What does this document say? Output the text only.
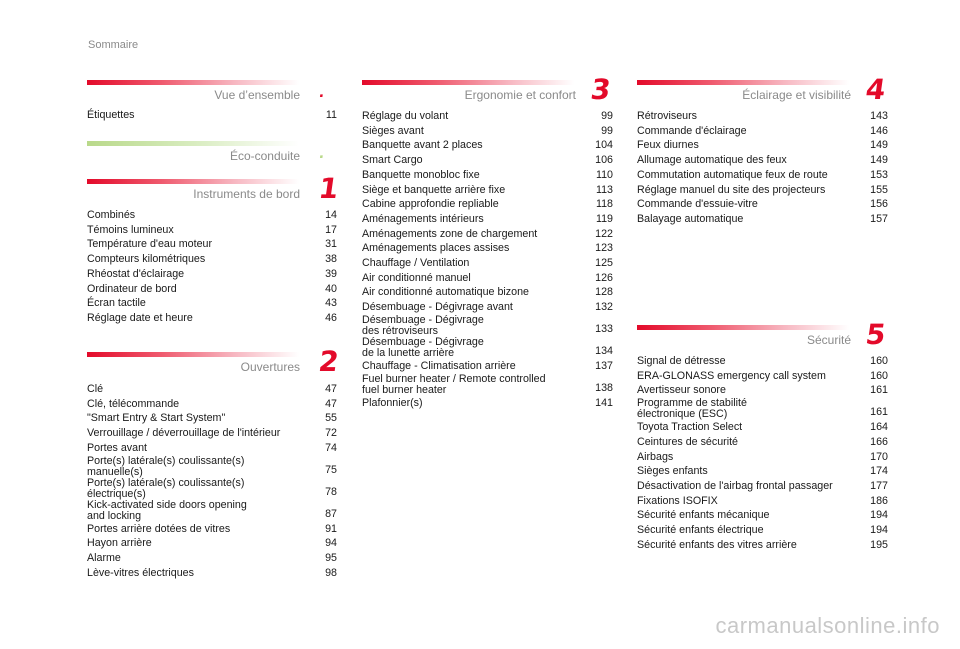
Sommaire
Vue d’ensemble .
Étiquettes	11
Éco-conduite .
Instruments de bord 1
Combinés	14
Témoins lumineux	17
Température d'eau moteur	31
Compteurs kilométriques	38
Rhéostat d'éclairage	39
Ordinateur de bord	40
Écran tactile	43
Réglage date et heure	46
Ouvertures 2
Clé	47
Clé, télécommande	47
"Smart Entry & Start System"	55
Verrouillage / déverrouillage de l'intérieur	72
Portes avant	74
Porte(s) latérale(s) coulissante(s)
manuelle(s)	75
Porte(s) latérale(s) coulissante(s)
électrique(s)	78
Kick-activated side doors opening
and locking	87
Portes arrière dotées de vitres	91
Hayon arrière	94
Alarme	95
Lève-vitres électriques	98
Ergonomie et confort 3
Réglage du volant	99
Sièges avant	99
Banquette avant 2 places	104
Smart Cargo	106
Banquette monobloc fixe	110
Siège et banquette arrière fixe	113
Cabine approfondie repliable	118
Aménagements intérieurs	119
Aménagements zone de chargement	122
Aménagements places assises	123
Chauffage / Ventilation	125
Air conditionné manuel	126
Air conditionné automatique bizone	128
Désembuage - Dégivrage avant	132
Désembuage - Dégivrage
des rétroviseurs	133
Désembuage - Dégivrage
de la lunette arrière	134
Chauffage - Climatisation arrière	137
Fuel burner heater / Remote controlled
fuel burner heater	138
Plafonnier(s)	141
Éclairage et visibilité 4
Rétroviseurs	143
Commande d'éclairage	146
Feux diurnes	149
Allumage automatique des feux	149
Commutation automatique feux de route	153
Réglage manuel du site des projecteurs	155
Commande d'essuie-vitre	156
Balayage automatique	157
Sécurité 5
Signal de détresse	160
ERA-GLONASS emergency call system	160
Avertisseur sonore	161
Programme de stabilité
électronique (ESC)	161
Toyota Traction Select	164
Ceintures de sécurité	166
Airbags	170
Sièges enfants	174
Désactivation de l'airbag frontal passager	177
Fixations ISOFIX	186
Sécurité enfants mécanique	194
Sécurité enfants électrique	194
Sécurité enfants des vitres arrière	195
carmanualsonline.info
